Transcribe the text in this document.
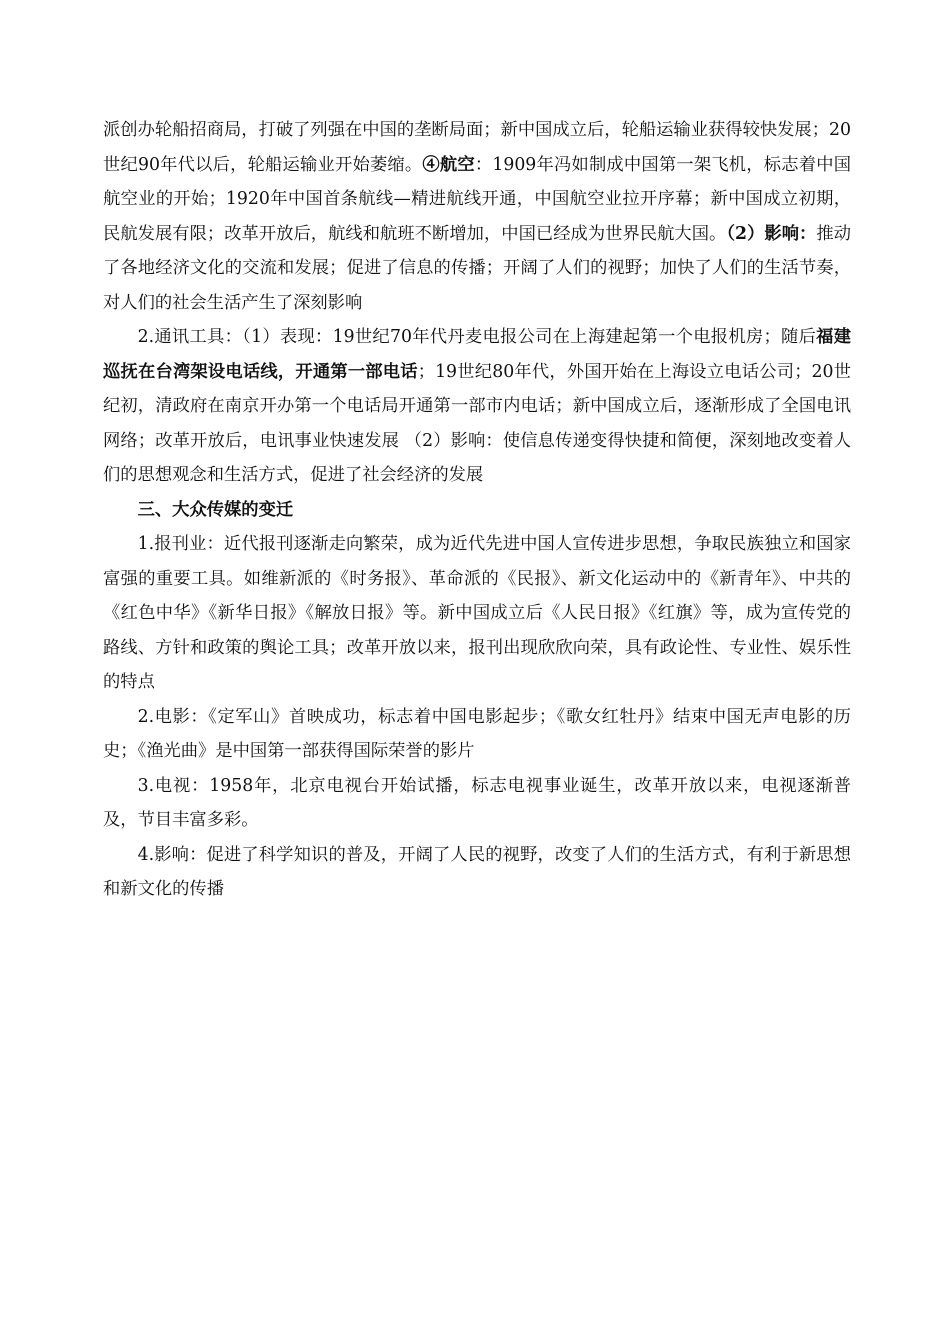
派创办轮船招商局，打破了列强在中国的垄断局面；新中国成立后，轮船运输业获得较快发展；20世纪90年代以后，轮船运输业开始萎缩。④航空：1909年冯如制成中国第一架飞机，标志着中国航空业的开始；1920年中国首条航线—精进航线开通，中国航空业拉开序幕；新中国成立初期，民航发展有限；改革开放后，航线和航班不断增加，中国已经成为世界民航大国。（2）影响：推动了各地经济文化的交流和发展；促进了信息的传播；开阔了人们的视野；加快了人们的生活节奏，对人们的社会生活产生了深刻影响

2.通讯工具：（1）表现：19世纪70年代丹麦电报公司在上海建起第一个电报机房；随后福建巡抚在台湾架设电话线，开通第一部电话；19世纪80年代，外国开始在上海设立电话公司；20世纪初，清政府在南京开办第一个电话局开通第一部市内电话；新中国成立后，逐渐形成了全国电讯网络；改革开放后，电讯事业快速发展 （2）影响：使信息传递变得快捷和简便，深刻地改变着人们的思想观念和生活方式，促进了社会经济的发展

三、大众传媒的变迁

1.报刊业：近代报刊逐渐走向繁荣，成为近代先进中国人宣传进步思想，争取民族独立和国家富强的重要工具。如维新派的《时务报》、革命派的《民报》、新文化运动中的《新青年》、中共的《红色中华》《新华日报》《解放日报》等。新中国成立后《人民日报》《红旗》等，成为宣传党的路线、方针和政策的舆论工具；改革开放以来，报刊出现欣欣向荣，具有政论性、专业性、娱乐性的特点

2.电影：《定军山》首映成功，标志着中国电影起步；《歌女红牡丹》结束中国无声电影的历史；《渔光曲》是中国第一部获得国际荣誉的影片

3.电视：1958年，北京电视台开始试播，标志电视事业诞生，改革开放以来，电视逐渐普及，节目丰富多彩。

4.影响：促进了科学知识的普及，开阔了人民的视野，改变了人们的生活方式，有利于新思想和新文化的传播
